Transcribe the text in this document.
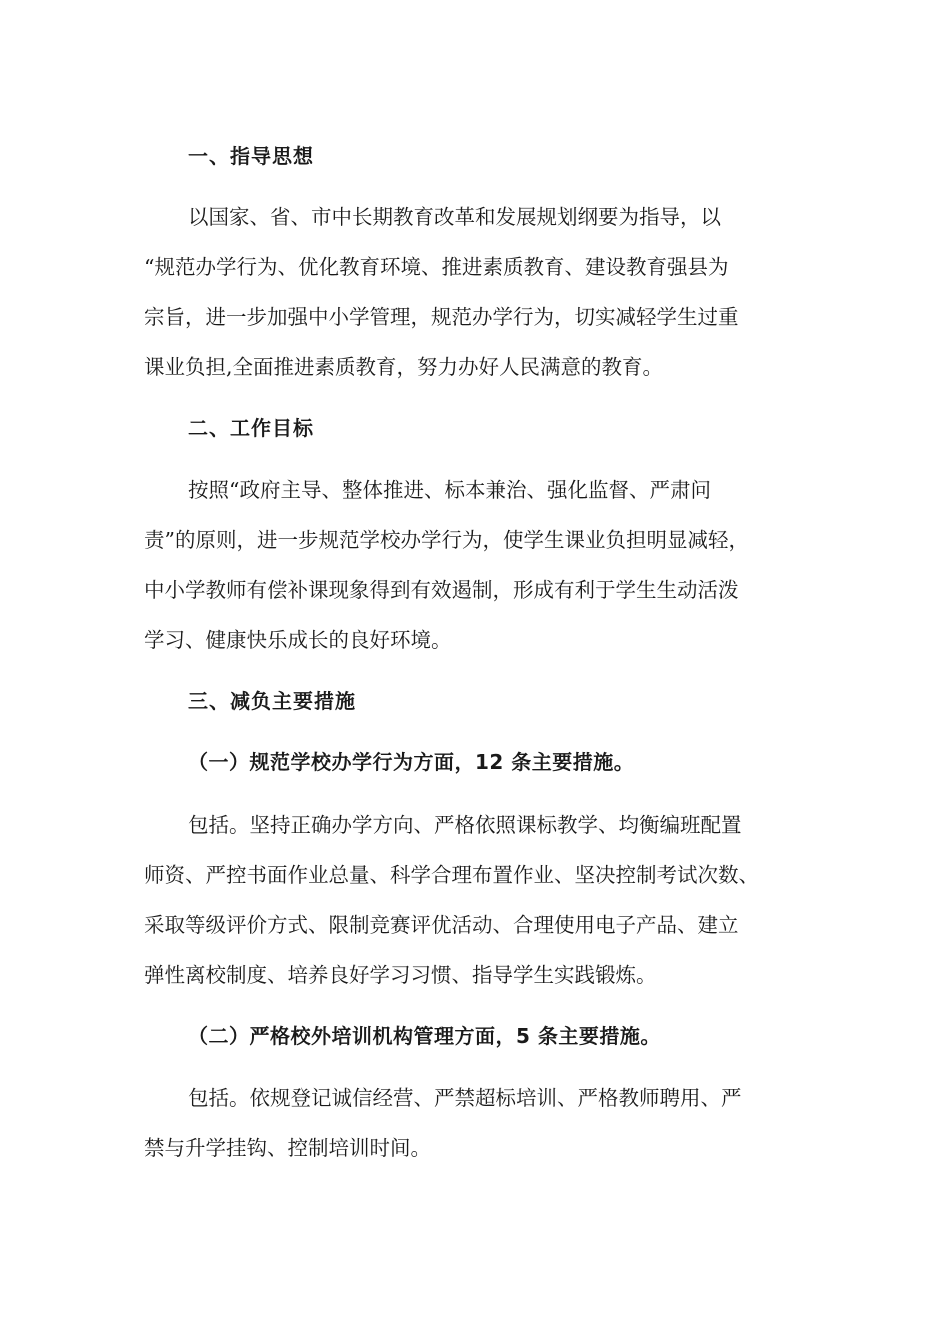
一、指导思想
以国家、省、市中长期教育改革和发展规划纲要为指导，以
“规范办学行为、优化教育环境、推进素质教育、建设教育强县为
宗旨，进一步加强中小学管理，规范办学行为，切实减轻学生过重
课业负担,全面推进素质教育，努力办好人民满意的教育。
二、工作目标
按照“政府主导、整体推进、标本兼治、强化监督、严肃问
责”的原则，进一步规范学校办学行为，使学生课业负担明显减轻，
中小学教师有偿补课现象得到有效遏制，形成有利于学生生动活泼
学习、健康快乐成长的良好环境。
三、减负主要措施
（一）规范学校办学行为方面，12 条主要措施。
包括。坚持正确办学方向、严格依照课标教学、均衡编班配置
师资、严控书面作业总量、科学合理布置作业、坚决控制考试次数、
采取等级评价方式、限制竞赛评优活动、合理使用电子产品、建立
弹性离校制度、培养良好学习习惯、指导学生实践锻炼。
（二）严格校外培训机构管理方面，5 条主要措施。
包括。依规登记诚信经营、严禁超标培训、严格教师聘用、严
禁与升学挂钩、控制培训时间。
